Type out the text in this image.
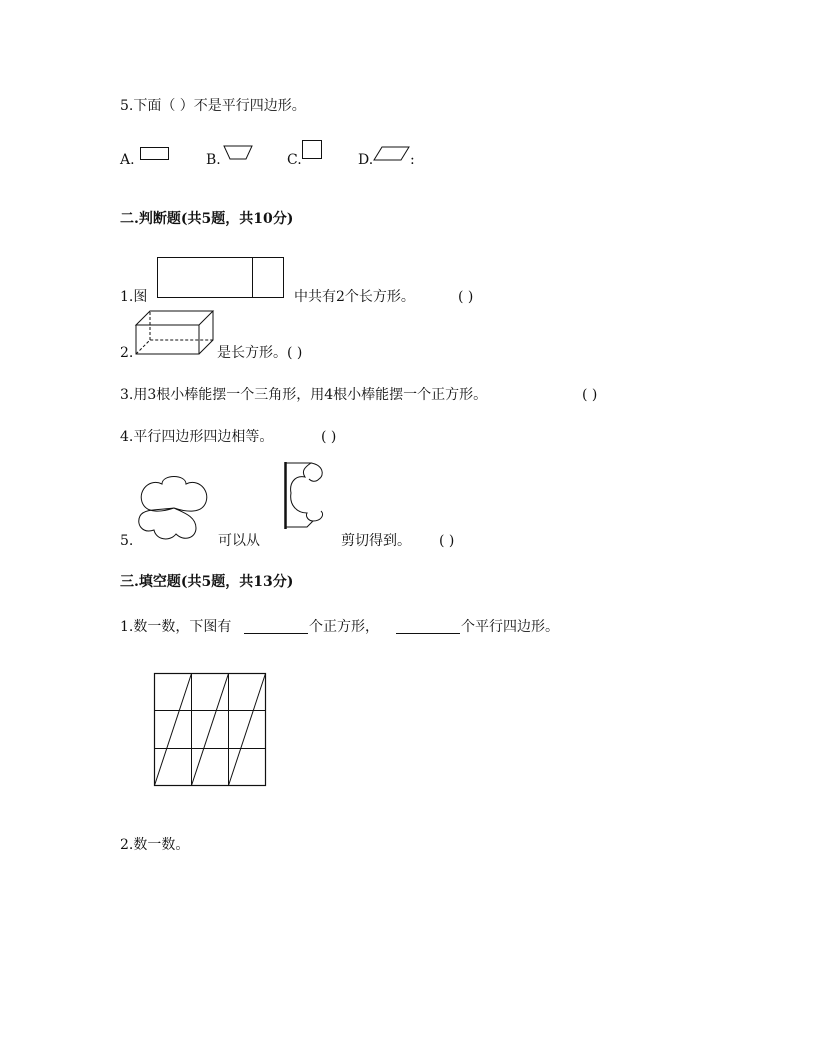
5.下面（ ）不是平行四边形。
A.	B.	C.	D.	:
二.判断题(共5题，共10分)
1.图	中共有2个长方形。	( )
2.	是长方形。( )
3.用3根小棒能摆一个三角形，用4根小棒能摆一个正方形。	( )
4.平行四边形四边相等。	( )
5.	可以从	剪切得到。 ( )
三.填空题(共5题，共13分)
1.数一数，下图有	个正方形，	个平行四边形。
2.数一数。
